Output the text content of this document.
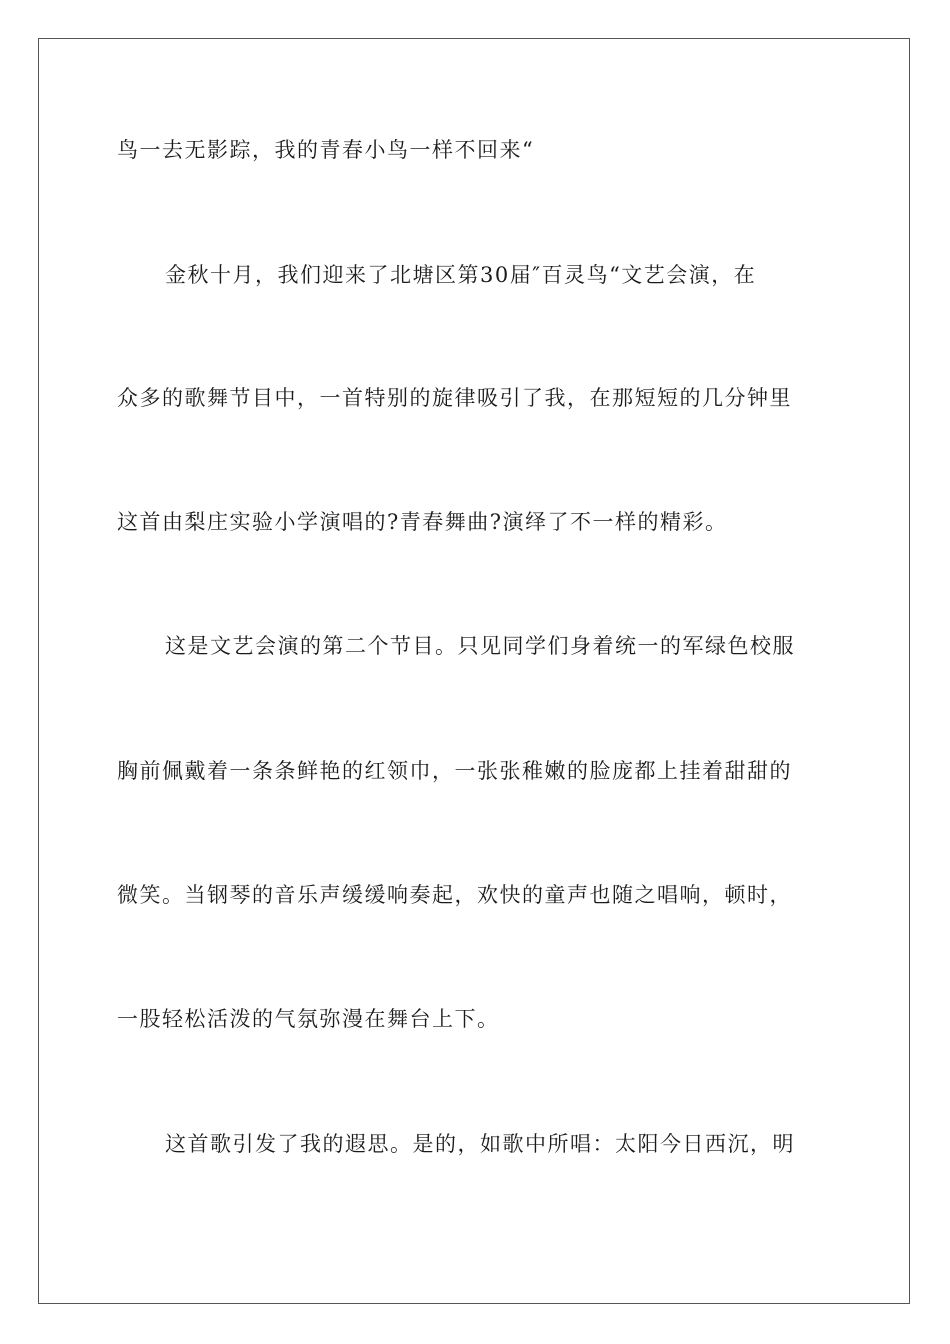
鸟一去无影踪，我的青春小鸟一样不回来“
金秋十月，我们迎来了北塘区第30届″百灵鸟“文艺会演，在
众多的歌舞节目中，一首特别的旋律吸引了我，在那短短的几分钟里
这首由梨庄实验小学演唱的?青春舞曲?演绎了不一样的精彩。
这是文艺会演的第二个节目。只见同学们身着统一的军绿色校服
胸前佩戴着一条条鲜艳的红领巾，一张张稚嫩的脸庞都上挂着甜甜的
微笑。当钢琴的音乐声缓缓响奏起，欢快的童声也随之唱响，顿时，
一股轻松活泼的气氛弥漫在舞台上下。
这首歌引发了我的遐思。是的，如歌中所唱：太阳今日西沉，明
